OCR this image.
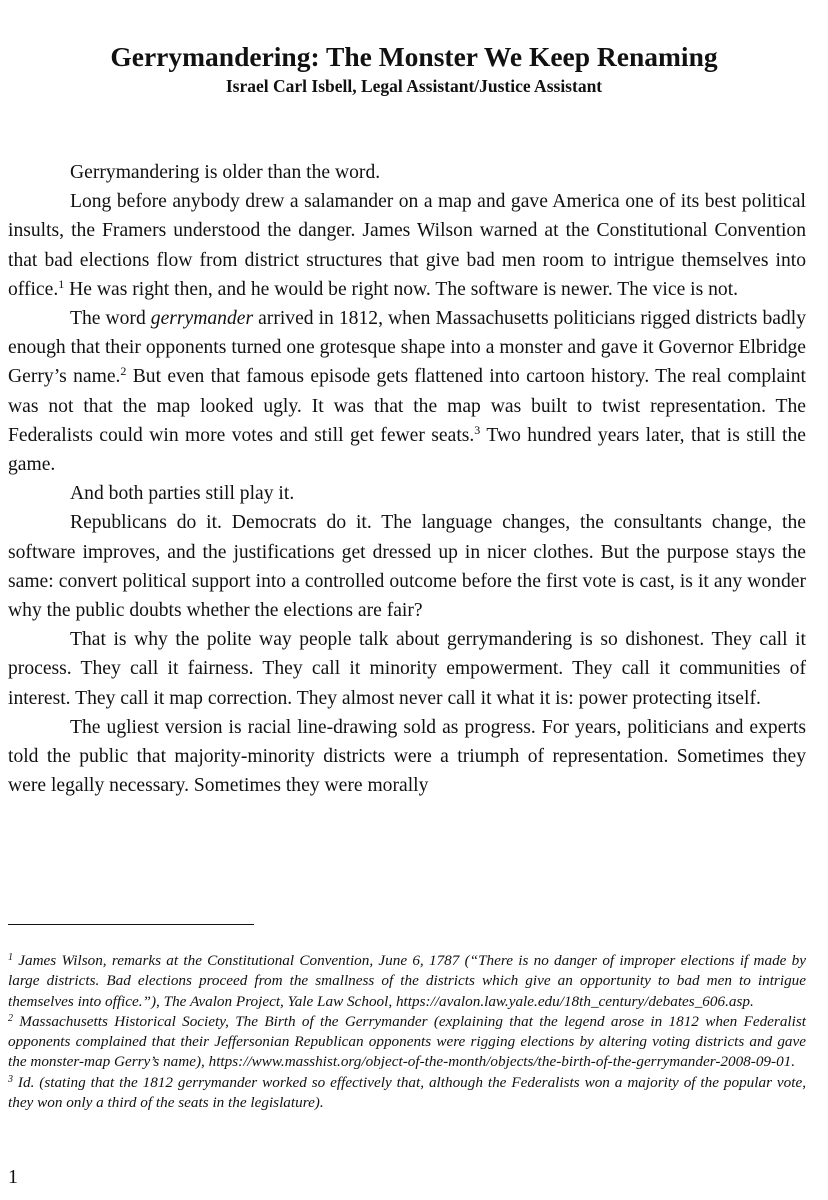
Gerrymandering: The Monster We Keep Renaming
Israel Carl Isbell, Legal Assistant/Justice Assistant

Gerrymandering is older than the word.

Long before anybody drew a salamander on a map and gave America one of its best political insults, the Framers understood the danger. James Wilson warned at the Constitutional Convention that bad elections flow from district structures that give bad men room to intrigue themselves into office.$^1$ He was right then, and he would be right now. The software is newer. The vice is not.

The word gerrymander arrived in 1812, when Massachusetts politicians rigged districts badly enough that their opponents turned one grotesque shape into a monster and gave it Governor Elbridge Gerry’s name.$^2$ But even that famous episode gets flattened into cartoon history. The real complaint was not that the map looked ugly. It was that the map was built to twist representation. The Federalists could win more votes and still get fewer seats.$^3$ Two hundred years later, that is still the game.

And both parties still play it.

Republicans do it. Democrats do it. The language changes, the consultants change, the software improves, and the justifications get dressed up in nicer clothes. But the purpose stays the same: convert political support into a controlled outcome before the first vote is cast, is it any wonder why the public doubts whether the elections are fair?

That is why the polite way people talk about gerrymandering is so dishonest. They call it process. They call it fairness. They call it minority empowerment. They call it communities of interest. They call it map correction. They almost never call it what it is: power protecting itself.

The ugliest version is racial line-drawing sold as progress. For years, politicians and experts told the public that majority-minority districts were a triumph of representation. Sometimes they were legally necessary. Sometimes they were morally

$^1$ James Wilson, remarks at the Constitutional Convention, June 6, 1787 (“There is no danger of improper elections if made by large districts. Bad elections proceed from the smallness of the districts which give an opportunity to bad men to intrigue themselves into office.”), The Avalon Project, Yale Law School, https://avalon.law.yale.edu/18th_century/debates_606.asp.

$^2$ Massachusetts Historical Society, The Birth of the Gerrymander (explaining that the legend arose in 1812 when Federalist opponents complained that their Jeffersonian Republican opponents were rigging elections by altering voting districts and gave the monster-map Gerry’s name), https://www.masshist.org/object-of-the-month/objects/the-birth-of-the-gerrymander-2008-09-01.

$^3$ Id. (stating that the 1812 gerrymander worked so effectively that, although the Federalists won a majority of the popular vote, they won only a third of the seats in the legislature).

1
